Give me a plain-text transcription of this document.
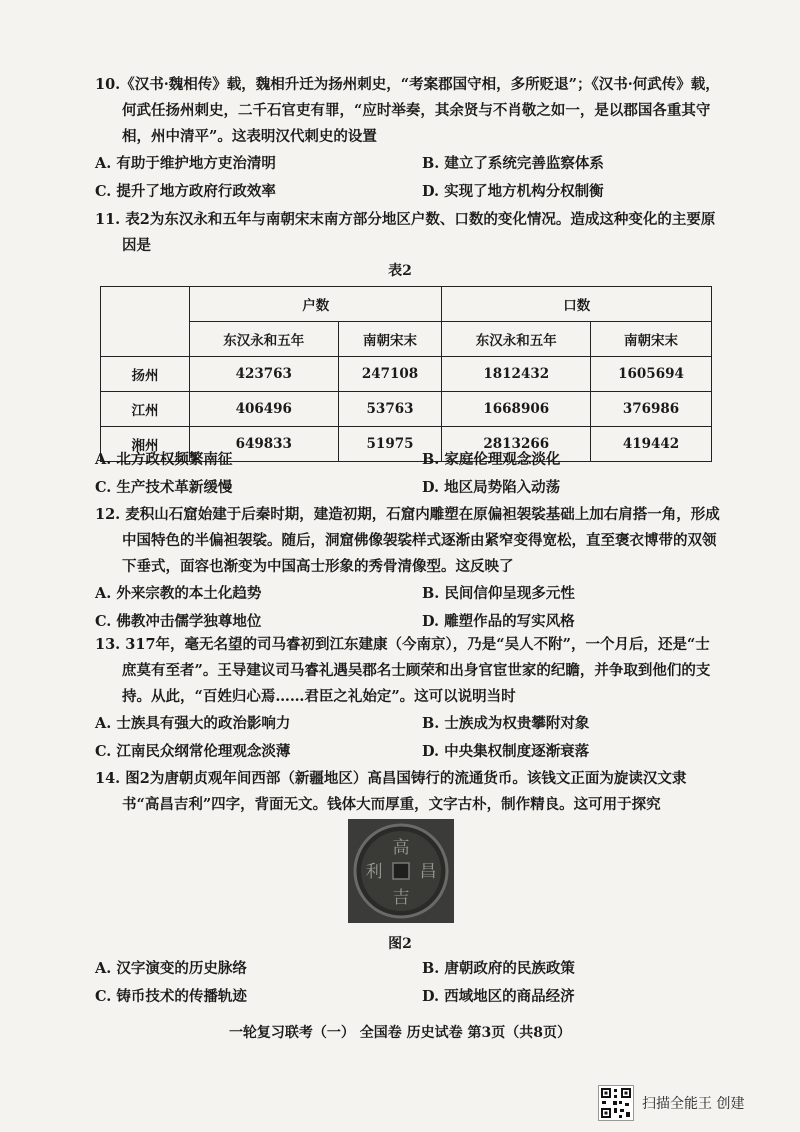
10.《汉书·魏相传》载，魏相升迁为扬州刺史，“考案郡国守相，多所贬退”；《汉书·何武传》载，何武任扬州刺史，二千石官吏有罪，“应时举奏，其余贤与不肖敬之如一，是以郡国各重其守相，州中清平”。这表明汉代刺史的设置

A. 有助于维护地方吏治清明	B. 建立了系统完善监察体系
C. 提升了地方政府行政效率	D. 实现了地方机构分权制衡

11. 表2为东汉永和五年与南朝宋末南方部分地区户数、口数的变化情况。造成这种变化的主要原因是

表2
	户数		口数	
	东汉永和五年	南朝宋末	东汉永和五年	南朝宋末
扬州	423763	247108	1812432	1605694
江州	406496	53763	1668906	376986
湘州	649833	51975	2813266	419442
A. 北方政权频繁南征	B. 家庭伦理观念淡化
C. 生产技术革新缓慢	D. 地区局势陷入动荡

12. 麦积山石窟始建于后秦时期，建造初期，石窟内雕塑在原偏袒袈裟基础上加右肩搭一角，形成中国特色的半偏袒袈裟。随后，洞窟佛像袈裟样式逐渐由紧窄变得宽松，直至褒衣博带的双领下垂式，面容也渐变为中国高士形象的秀骨清像型。这反映了

A. 外来宗教的本土化趋势	B. 民间信仰呈现多元性
C. 佛教冲击儒学独尊地位	D. 雕塑作品的写实风格

13. 317年，毫无名望的司马睿初到江东建康（今南京），乃是“吴人不附”，一个月后，还是“士庶莫有至者”。王导建议司马睿礼遇吴郡名士顾荣和出身官宦世家的纪瞻，并争取到他们的支持。从此，“百姓归心焉……君臣之礼始定”。这可以说明当时

A. 士族具有强大的政治影响力	B. 士族成为权贵攀附对象
C. 江南民众纲常伦理观念淡薄	D. 中央集权制度逐渐衰落

14. 图2为唐朝贞观年间西部（新疆地区）高昌国铸行的流通货币。该钱文正面为旋读汉文隶书“高昌吉利”四字，背面无文。钱体大而厚重，文字古朴，制作精良。这可用于探究

高
昌
吉
利
图2
A. 汉字演变的历史脉络	B. 唐朝政府的民族政策
C. 铸币技术的传播轨迹	D. 西域地区的商品经济
一轮复习联考（一） 全国卷 历史试卷 第3页（共8页）
扫描全能王 创建
